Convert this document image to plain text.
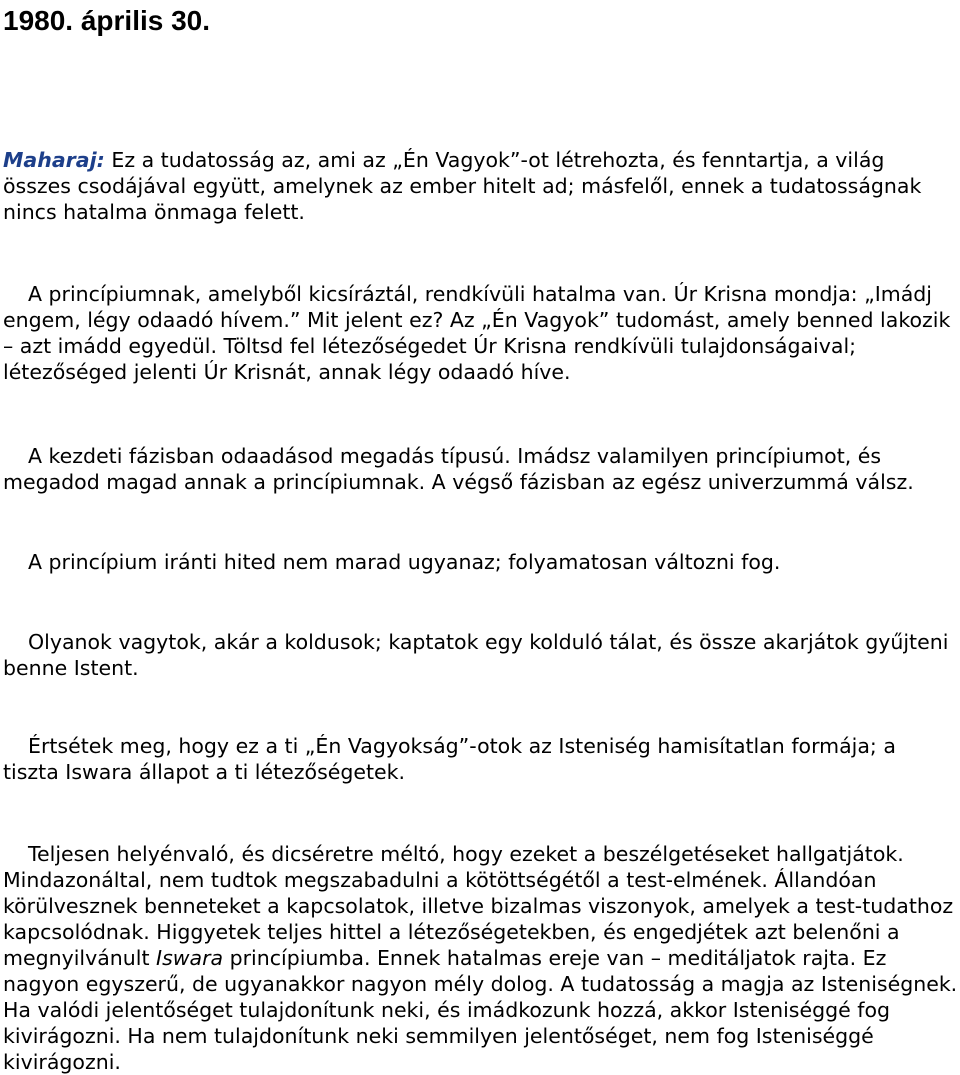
1980. április 30.

Maharaj: Ez a tudatosság az, ami az „Én Vagyok”-ot létrehozta, és fenntartja, a világ összes csodájával együtt, amelynek az ember hitelt ad; másfelől, ennek a tudatosságnak nincs hatalma önmaga felett.

A princípiumnak, amelyből kicsíráztál, rendkívüli hatalma van. Úr Krisna mondja: „Imádj engem, légy odaadó hívem.” Mit jelent ez? Az „Én Vagyok” tudomást, amely benned lakozik – azt imádd egyedül. Töltsd fel létezőségedet Úr Krisna rendkívüli tulajdonságaival; létezőséged jelenti Úr Krisnát, annak légy odaadó híve.

A kezdeti fázisban odaadásod megadás típusú. Imádsz valamilyen princípiumot, és megadod magad annak a princípiumnak. A végső fázisban az egész univerzummá válsz.

A princípium iránti hited nem marad ugyanaz; folyamatosan változni fog.

Olyanok vagytok, akár a koldusok; kaptatok egy kolduló tálat, és össze akarjátok gyűjteni benne Istent.

Értsétek meg, hogy ez a ti „Én Vagyokság”-otok az Isteniség hamisítatlan formája; a tiszta Iswara állapot a ti létezőségetek.

Teljesen helyénvaló, és dicséretre méltó, hogy ezeket a beszélgetéseket hallgatjátok. Mindazonáltal, nem tudtok megszabadulni a kötöttségétől a test-elmének. Állandóan körülvesznek benneteket a kapcsolatok, illetve bizalmas viszonyok, amelyek a test-tudathoz kapcsolódnak. Higgyetek teljes hittel a létezőségetekben, és engedjétek azt belenőni a megnyilvánult Iswara princípiumba. Ennek hatalmas ereje van – meditáljatok rajta. Ez nagyon egyszerű, de ugyanakkor nagyon mély dolog. A tudatosság a magja az Isteniségnek. Ha valódi jelentőséget tulajdonítunk neki, és imádkozunk hozzá, akkor Isteniséggé fog kivirágozni. Ha nem tulajdonítunk neki semmilyen jelentőséget, nem fog Isteniséggé kivirágozni.
